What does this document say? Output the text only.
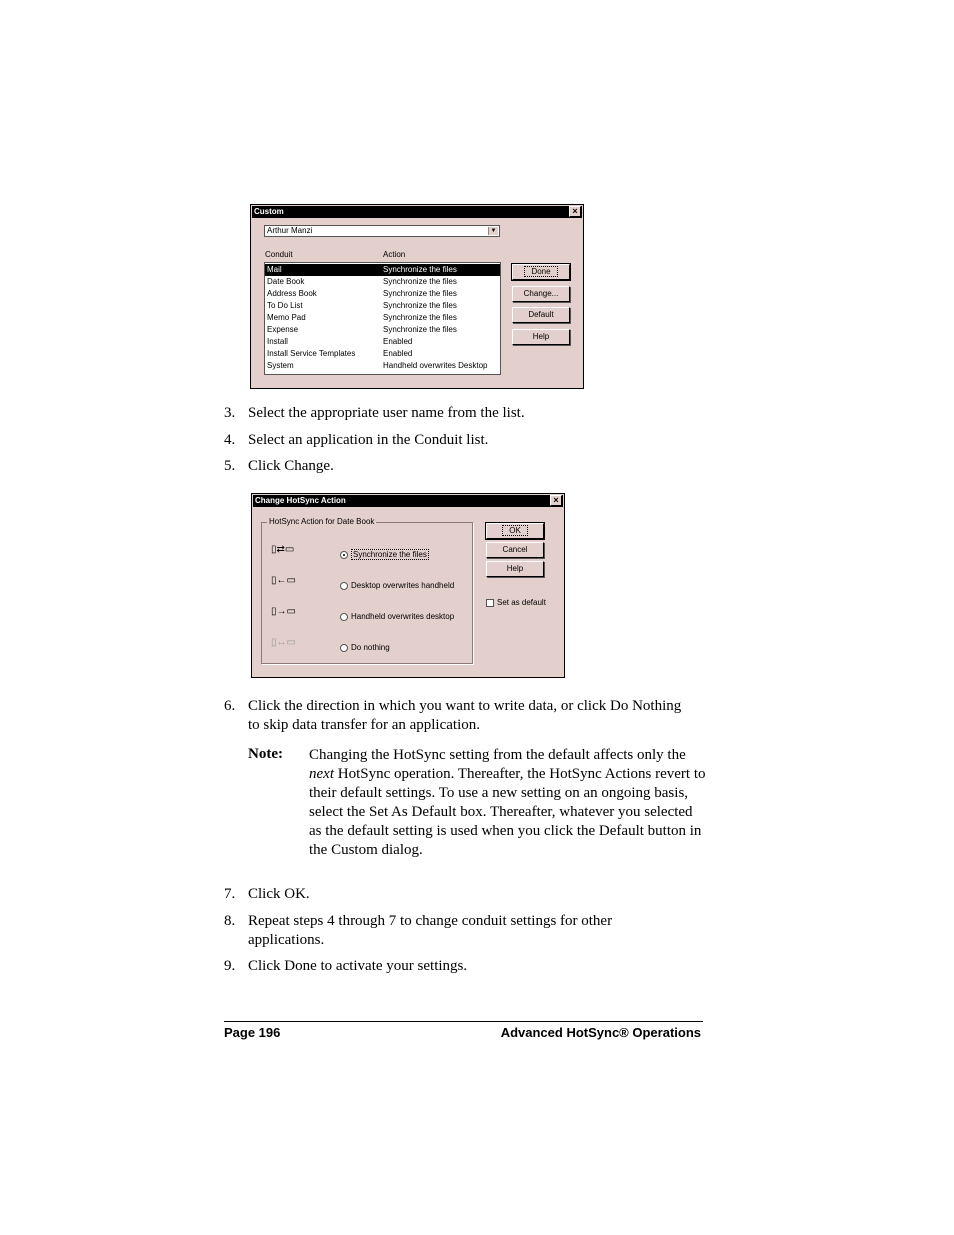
Custom	×
Arthur Manzi	▼
Conduit	Action
Mail	Synchronize the files
Date Book	Synchronize the files
Address Book	Synchronize the files
To Do List	Synchronize the files
Memo Pad	Synchronize the files
Expense	Synchronize the files
Install	Enabled
Install Service Templates	Enabled
System	Handheld overwrites Desktop
Done
Change...
Default
Help
3. Select the appropriate user name from the list.
4. Select an application in the Conduit list.
5. Click Change.
Change HotSync Action	×
HotSync Action for Date Book
▯⇄▭	Synchronize the files
▯←▭	Desktop overwrites handheld
▯→▭	Handheld overwrites desktop
▯↔▭	Do nothing
OK
Cancel
Help
Set as default
6. Click the direction in which you want to write data, or click Do Nothing to skip data transfer for an application.
Note: Changing the HotSync setting from the default affects only the next HotSync operation. Thereafter, the HotSync Actions revert to their default settings. To use a new setting on an ongoing basis, select the Set As Default box. Thereafter, whatever you selected as the default setting is used when you click the Default button in the Custom dialog.
7. Click OK.
8. Repeat steps 4 through 7 to change conduit settings for other applications.
9. Click Done to activate your settings.
Page 196	Advanced HotSync® Operations
